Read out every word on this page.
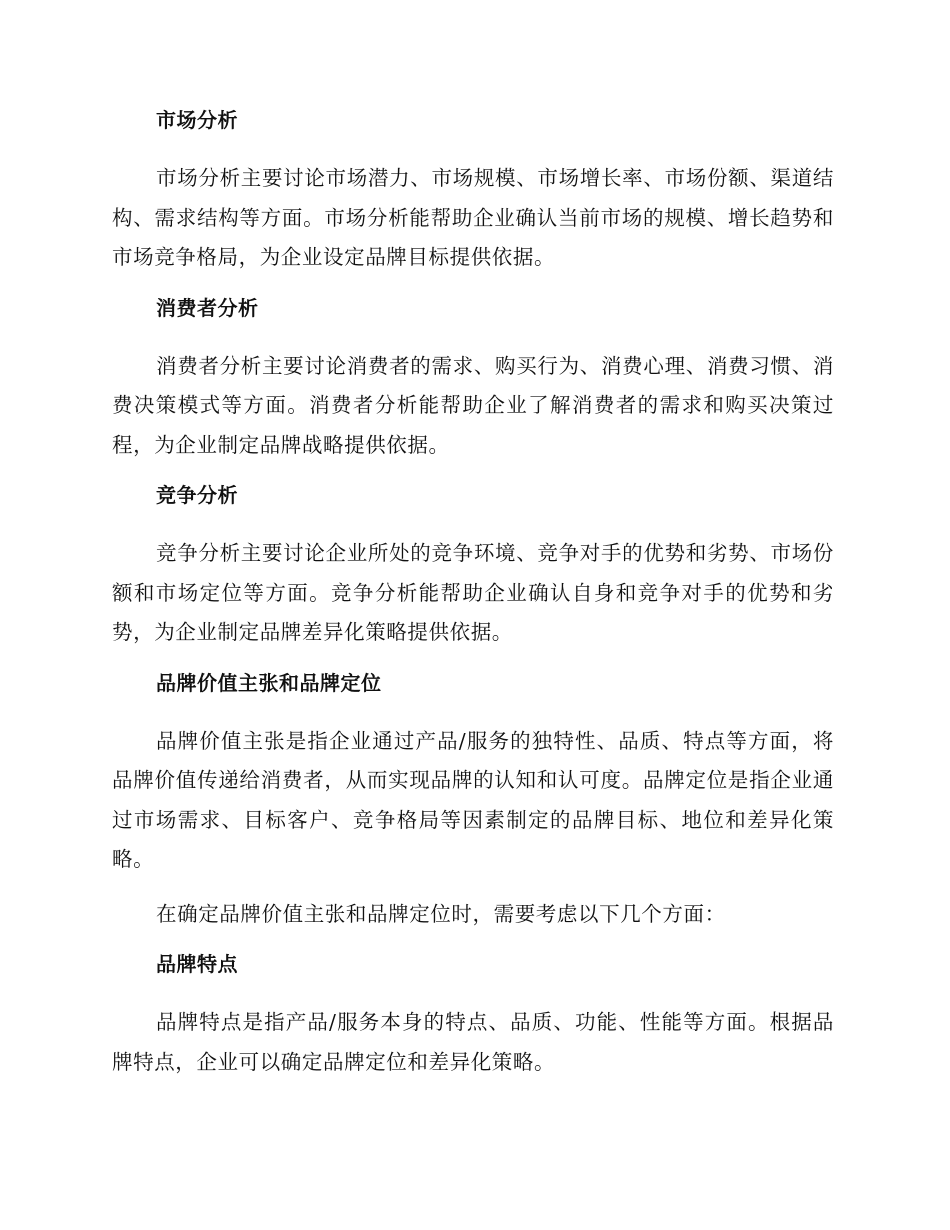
市场分析

市场分析主要讨论市场潜力、市场规模、市场增长率、市场份额、渠道结构、需求结构等方面。市场分析能帮助企业确认当前市场的规模、增长趋势和市场竞争格局，为企业设定品牌目标提供依据。

消费者分析

消费者分析主要讨论消费者的需求、购买行为、消费心理、消费习惯、消费决策模式等方面。消费者分析能帮助企业了解消费者的需求和购买决策过程，为企业制定品牌战略提供依据。

竞争分析

竞争分析主要讨论企业所处的竞争环境、竞争对手的优势和劣势、市场份额和市场定位等方面。竞争分析能帮助企业确认自身和竞争对手的优势和劣势，为企业制定品牌差异化策略提供依据。

品牌价值主张和品牌定位

品牌价值主张是指企业通过产品/服务的独特性、品质、特点等方面，将品牌价值传递给消费者，从而实现品牌的认知和认可度。品牌定位是指企业通过市场需求、目标客户、竞争格局等因素制定的品牌目标、地位和差异化策略。

在确定品牌价值主张和品牌定位时，需要考虑以下几个方面：

品牌特点

品牌特点是指产品/服务本身的特点、品质、功能、性能等方面。根据品牌特点，企业可以确定品牌定位和差异化策略。
